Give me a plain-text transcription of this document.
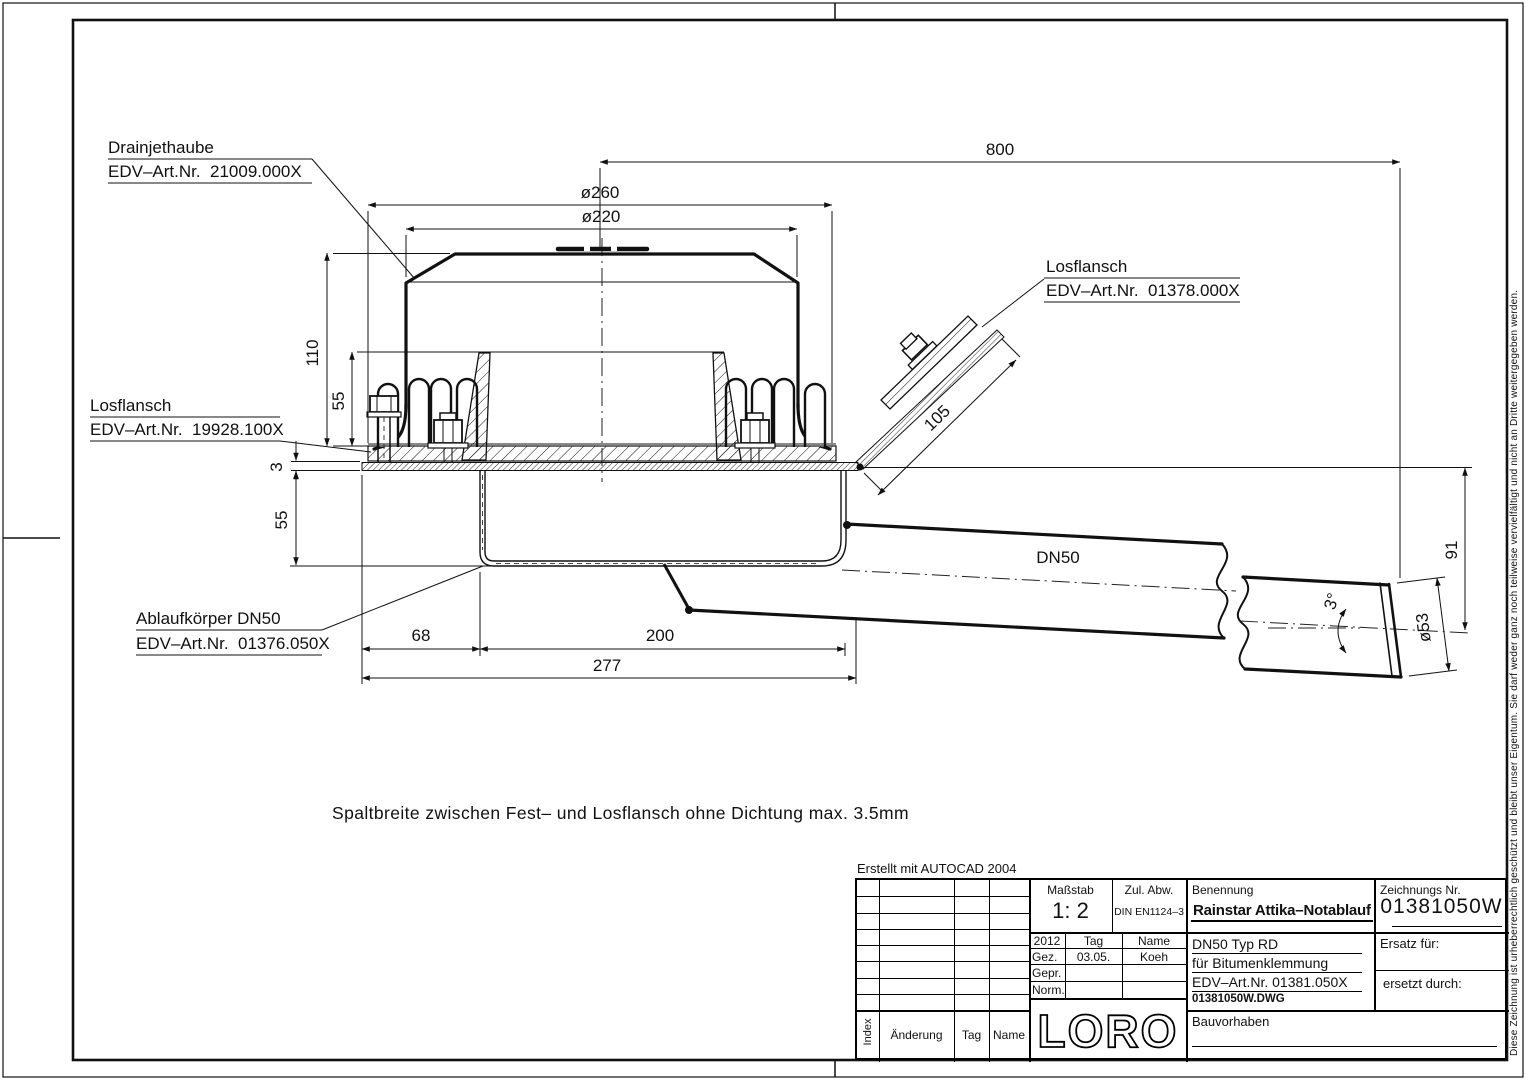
Diese Zeichnung ist urheberrechtlich geschützt und bleibt unser Eigentum. Sie darf weder ganz noch teilweise vervielfältigt und nicht an Dritte weitergegeben werden.
800
ø260
ø220
110
55
3
55
68	200
277
105
91
ø53
3°
DN50
Drainjethaube
EDV–Art.Nr.  21009.000X
Losflansch
EDV–Art.Nr.  19928.100X
Losflansch
EDV–Art.Nr.  01378.000X
Ablaufkörper DN50
EDV–Art.Nr.  01376.050X
Spaltbreite zwischen Fest– und Losflansch ohne Dichtung max. 3.5mm
Erstellt mit AUTOCAD 2004
Index	Änderung	Tag Name
Maßstab
1: 2
Zul. Abw.
DIN EN1124–3
2012	Tag	Name
Gez.	03.05.	Koeh
Gepr.
Norm.
LORO
Benennung
Rainstar Attika–Notablauf
Zeichnungs Nr.
01381050W
DN50 Typ RD
für Bitumenklemmung
EDV–Art.Nr. 01381.050X
01381050W.DWG
Ersatz für:
ersetzt durch:
Bauvorhaben
